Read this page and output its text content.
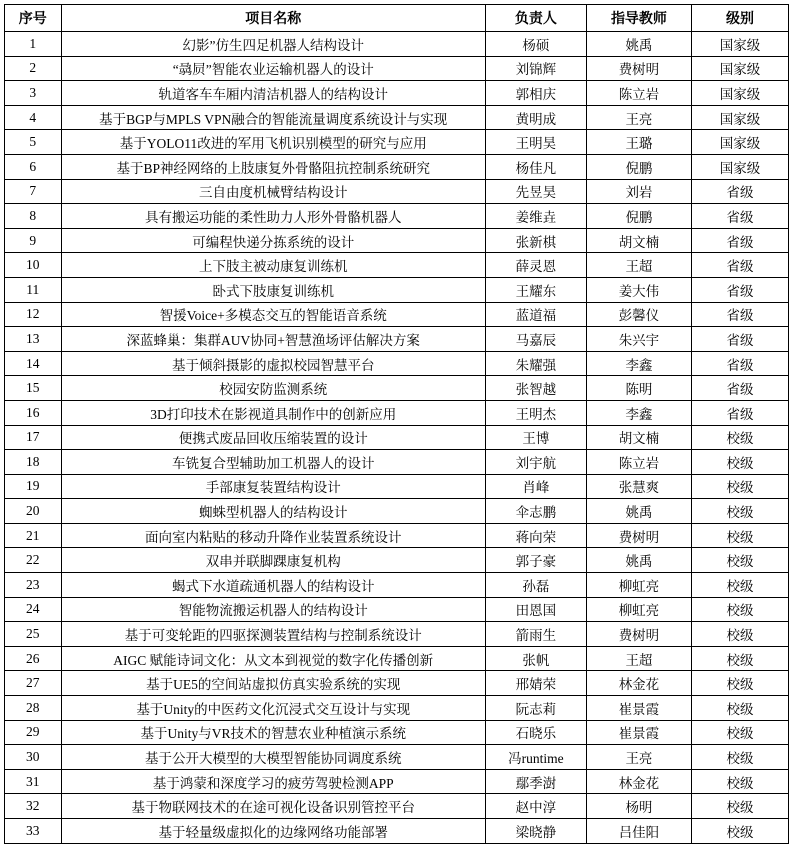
序号	项目名称	负责人	指导教师	级别
1	幻影”仿生四足机器人结构设计	杨硕	姚禹	国家级
2	“骉屃”智能农业运输机器人的设计	刘锦辉	费树明	国家级
3	轨道客车车厢内清洁机器人的结构设计	郭相庆	陈立岩	国家级
4	基于BGP与MPLS VPN融合的智能流量调度系统设计与实现	黄明成	王亮	国家级
5	基于YOLO11改进的军用飞机识别模型的研究与应用	王明昊	王璐	国家级
6	基于BP神经网络的上肢康复外骨骼阻抗控制系统研究	杨佳凡	倪鹏	国家级
7	三自由度机械臂结构设计	先昱昊	刘岩	省级
8	具有搬运功能的柔性助力人形外骨骼机器人	姜维垚	倪鹏	省级
9	可编程快递分拣系统的设计	张新棋	胡文楠	省级
10	上下肢主被动康复训练机	薛灵恩	王超	省级
11	卧式下肢康复训练机	王耀东	姜大伟	省级
12	智援Voice+多模态交互的智能语音系统	蓝道福	彭馨仪	省级
13	深蓝蜂巢：集群AUV协同+智慧渔场评估解决方案	马嘉辰	朱兴宇	省级
14	基于倾斜摄影的虚拟校园智慧平台	朱耀强	李鑫	省级
15	校园安防监测系统	张智越	陈明	省级
16	3D打印技术在影视道具制作中的创新应用	王明杰	李鑫	省级
17	便携式废品回收压缩装置的设计	王博	胡文楠	校级
18	车铣复合型辅助加工机器人的设计	刘宇航	陈立岩	校级
19	手部康复装置结构设计	肖峰	张慧爽	校级
20	蜘蛛型机器人的结构设计	伞志鹏	姚禹	校级
21	面向室内粘贴的移动升降作业装置系统设计	蒋向荣	费树明	校级
22	双串并联脚踝康复机构	郭子豪	姚禹	校级
23	蝎式下水道疏通机器人的结构设计	孙磊	柳虹亮	校级
24	智能物流搬运机器人的结构设计	田恩国	柳虹亮	校级
25	基于可变轮距的四驱探测装置结构与控制系统设计	箭雨生	费树明	校级
26	AIGC 赋能诗词文化：从文本到视觉的数字化传播创新	张帆	王超	校级
27	基于UE5的空间站虚拟仿真实验系统的实现	邢婧荣	林金花	校级
28	基于Unity的中医药文化沉浸式交互设计与实现	阮志莉	崔景霞	校级
29	基于Unity与VR技术的智慧农业种植演示系统	石晓乐	崔景霞	校级
30	基于公开大模型的大模型智能协同调度系统	冯runtime	王亮	校级
31	基于鸿蒙和深度学习的疲劳驾驶检测APP	鄢季澍	林金花	校级
32	基于物联网技术的在途可视化设备识别管控平台	赵中淳	杨明	校级
33	基于轻量级虚拟化的边缘网络功能部署	梁晓静	吕佳阳	校级
